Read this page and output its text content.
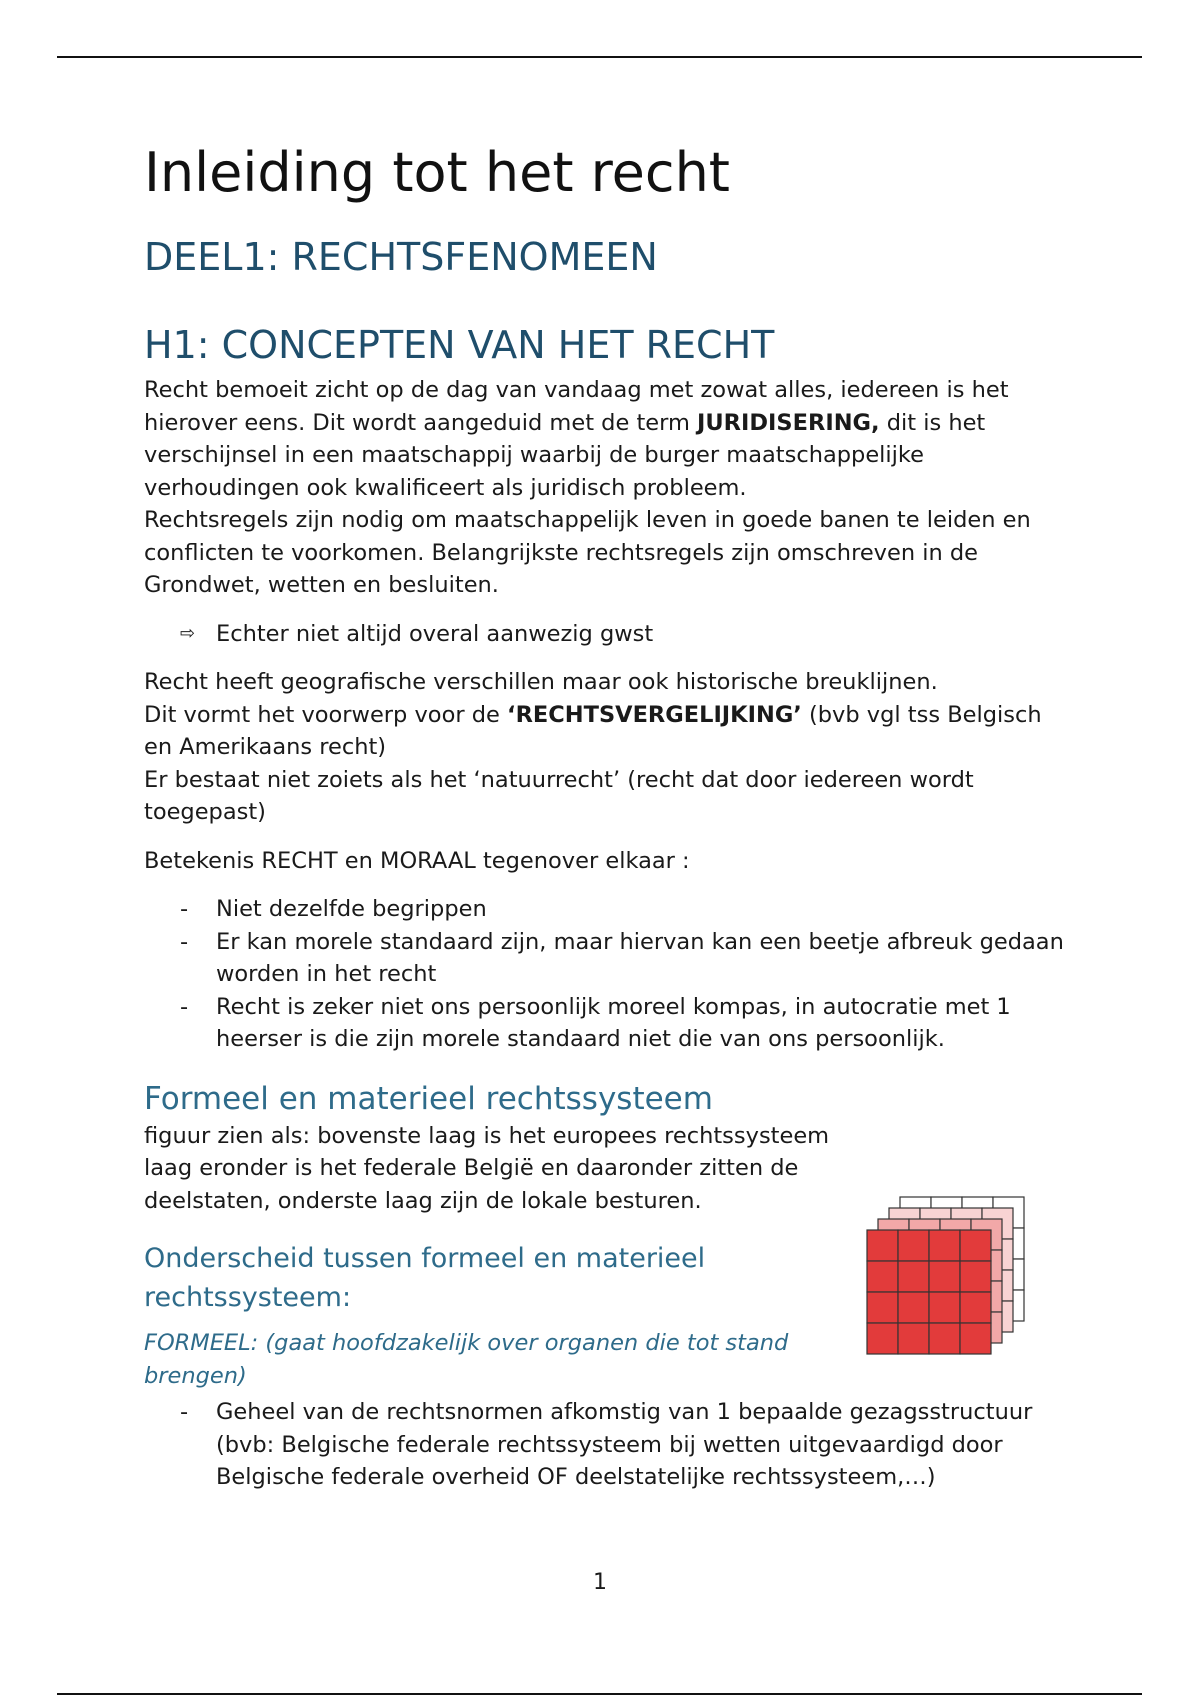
Inleiding tot het recht
DEEL1: RECHTSFENOMEEN
H1: CONCEPTEN VAN HET RECHT

Recht bemoeit zicht op de dag van vandaag met zowat alles, iedereen is het hierover eens. Dit wordt aangeduid met de term JURIDISERING, dit is het verschijnsel in een maatschappij waarbij de burger maatschappelijke verhoudingen ook kwalificeert als juridisch probleem.

Rechtsregels zijn nodig om maatschappelijk leven in goede banen te leiden en conflicten te voorkomen. Belangrijkste rechtsregels zijn omschreven in de Grondwet, wetten en besluiten.

⇨ Echter niet altijd overal aanwezig gwst

Recht heeft geografische verschillen maar ook historische breuklijnen.

Dit vormt het voorwerp voor de ‘RECHTSVERGELIJKING’ (bvb vgl tss Belgisch en Amerikaans recht)

Er bestaat niet zoiets als het ‘natuurrecht’ (recht dat door iedereen wordt toegepast)

Betekenis RECHT en MORAAL tegenover elkaar :

-	Niet dezelfde begrippen
-	Er kan morele standaard zijn, maar hiervan kan een beetje afbreuk gedaan worden in het recht
-	Recht is zeker niet ons persoonlijk moreel kompas, in autocratie met 1 heerser is die zijn morele standaard niet die van ons persoonlijk.
Formeel en materieel rechtssysteem

figuur zien als: bovenste laag is het europees rechtssysteem laag eronder is het federale België en daaronder zitten de deelstaten, onderste laag zijn de lokale besturen.

Onderscheid tussen formeel en materieel rechtssysteem:

FORMEEL: (gaat hoofdzakelijk over organen die tot stand brengen)

-	Geheel van de rechtsnormen afkomstig van 1 bepaalde gezagsstructuur (bvb: Belgische federale rechtssysteem bij wetten uitgevaardigd door Belgische federale overheid OF deelstatelijke rechtssysteem,…)
1
